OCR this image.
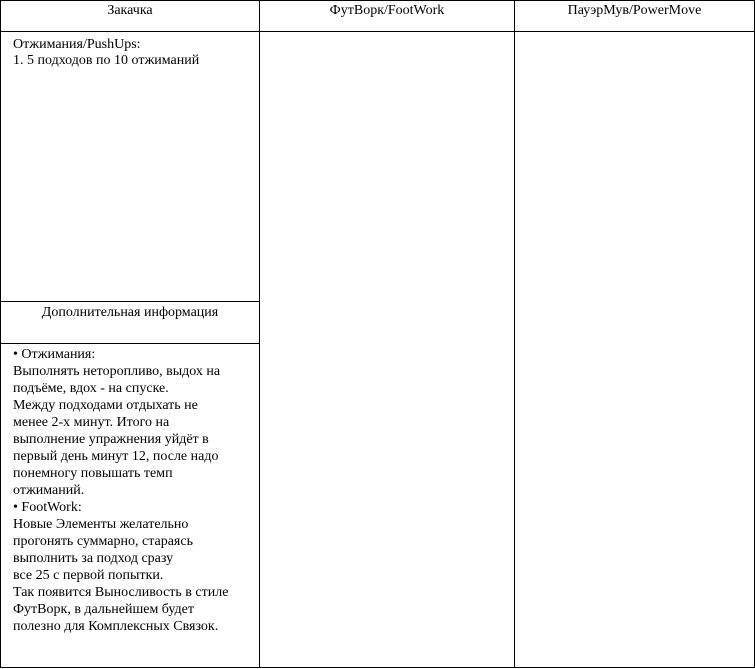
Закачка	ФутВорк/FootWork	ПауэрМув/PowerMove
Отжимания/PushUps:
1. 5 подходов по 10 отжиманий
Дополнительная информация
• Отжимания:
Выполнять неторопливо, выдох на
подъёме, вдох - на спуске.
Между подходами отдыхать не
менее 2-х минут. Итого на
выполнение упражнения уйдёт в
первый день минут 12, после надо
понемногу повышать темп
отжиманий.
• FootWork:
Новые Элементы желательно
прогонять суммарно, стараясь
выполнить за подход сразу
все 25 с первой попытки.
Так появится Выносливость в стиле
ФутВорк, в дальнейшем будет
полезно для Комплексных Связок.
